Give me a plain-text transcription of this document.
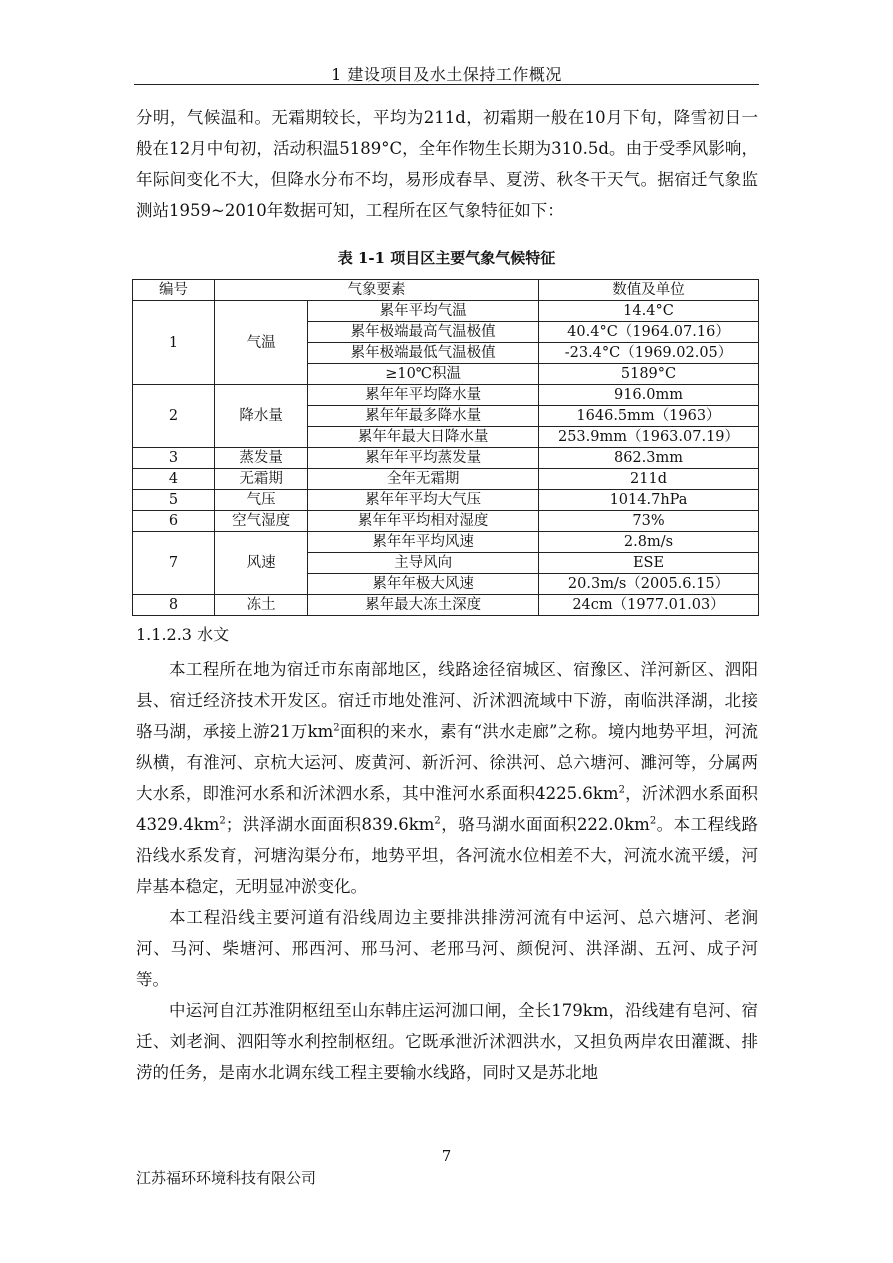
1 建设项目及水土保持工作概况

分明，气候温和。无霜期较长，平均为211d，初霜期一般在10月下旬，降雪初日一般在12月中旬初，活动积温5189°C，全年作物生长期为310.5d。由于受季风影响，年际间变化不大，但降水分布不均，易形成春旱、夏涝、秋冬干天气。据宿迁气象监测站1959~2010年数据可知，工程所在区气象特征如下：

表 1-1 项目区主要气象气候特征
编号	气象要素		数值及单位
1	气温	累年平均气温	14.4°C
		累年极端最高气温极值	40.4°C（1964.07.16）
		累年极端最低气温极值	-23.4°C（1969.02.05）
		≥10℃积温	5189°C
2	降水量	累年年平均降水量	916.0mm
		累年年最多降水量	1646.5mm（1963）
		累年年最大日降水量	253.9mm（1963.07.19）
3	蒸发量	累年年平均蒸发量	862.3mm
4	无霜期	全年无霜期	211d
5	气压	累年年平均大气压	1014.7hPa
6	空气湿度	累年年平均相对湿度	73%
7	风速	累年年平均风速	2.8m/s
		主导风向	ESE
		累年年极大风速	20.3m/s（2005.6.15）
8	冻土	累年最大冻土深度	24cm（1977.01.03）
1.1.2.3 水文

本工程所在地为宿迁市东南部地区，线路途径宿城区、宿豫区、洋河新区、泗阳县、宿迁经济技术开发区。宿迁市地处淮河、沂沭泗流域中下游，南临洪泽湖，北接骆马湖，承接上游21万$km^2$面积的来水，素有“洪水走廊”之称。境内地势平坦，河流纵横，有淮河、京杭大运河、废黄河、新沂河、徐洪河、总六塘河、濉河等，分属两大水系，即淮河水系和沂沭泗水系，其中淮河水系面积$4225.6km^2$，沂沭泗水系面积$4329.4km^2$；洪泽湖水面面积$839.6km^2$，骆马湖水面面积$222.0km^2$。本工程线路沿线水系发育，河塘沟渠分布，地势平坦，各河流水位相差不大，河流水流平缓，河岸基本稳定，无明显冲淤变化。

本工程沿线主要河道有沿线周边主要排洪排涝河流有中运河、总六塘河、老涧河、马河、柴塘河、邢西河、邢马河、老邢马河、颜倪河、洪泽湖、五河、成子河等。

中运河自江苏淮阴枢纽至山东韩庄运河泇口闸，全长179km，沿线建有皂河、宿迁、刘老涧、泗阳等水利控制枢纽。它既承泄沂沭泗洪水，又担负两岸农田灌溉、排涝的任务，是南水北调东线工程主要输水线路，同时又是苏北地

7
江苏福环环境科技有限公司
